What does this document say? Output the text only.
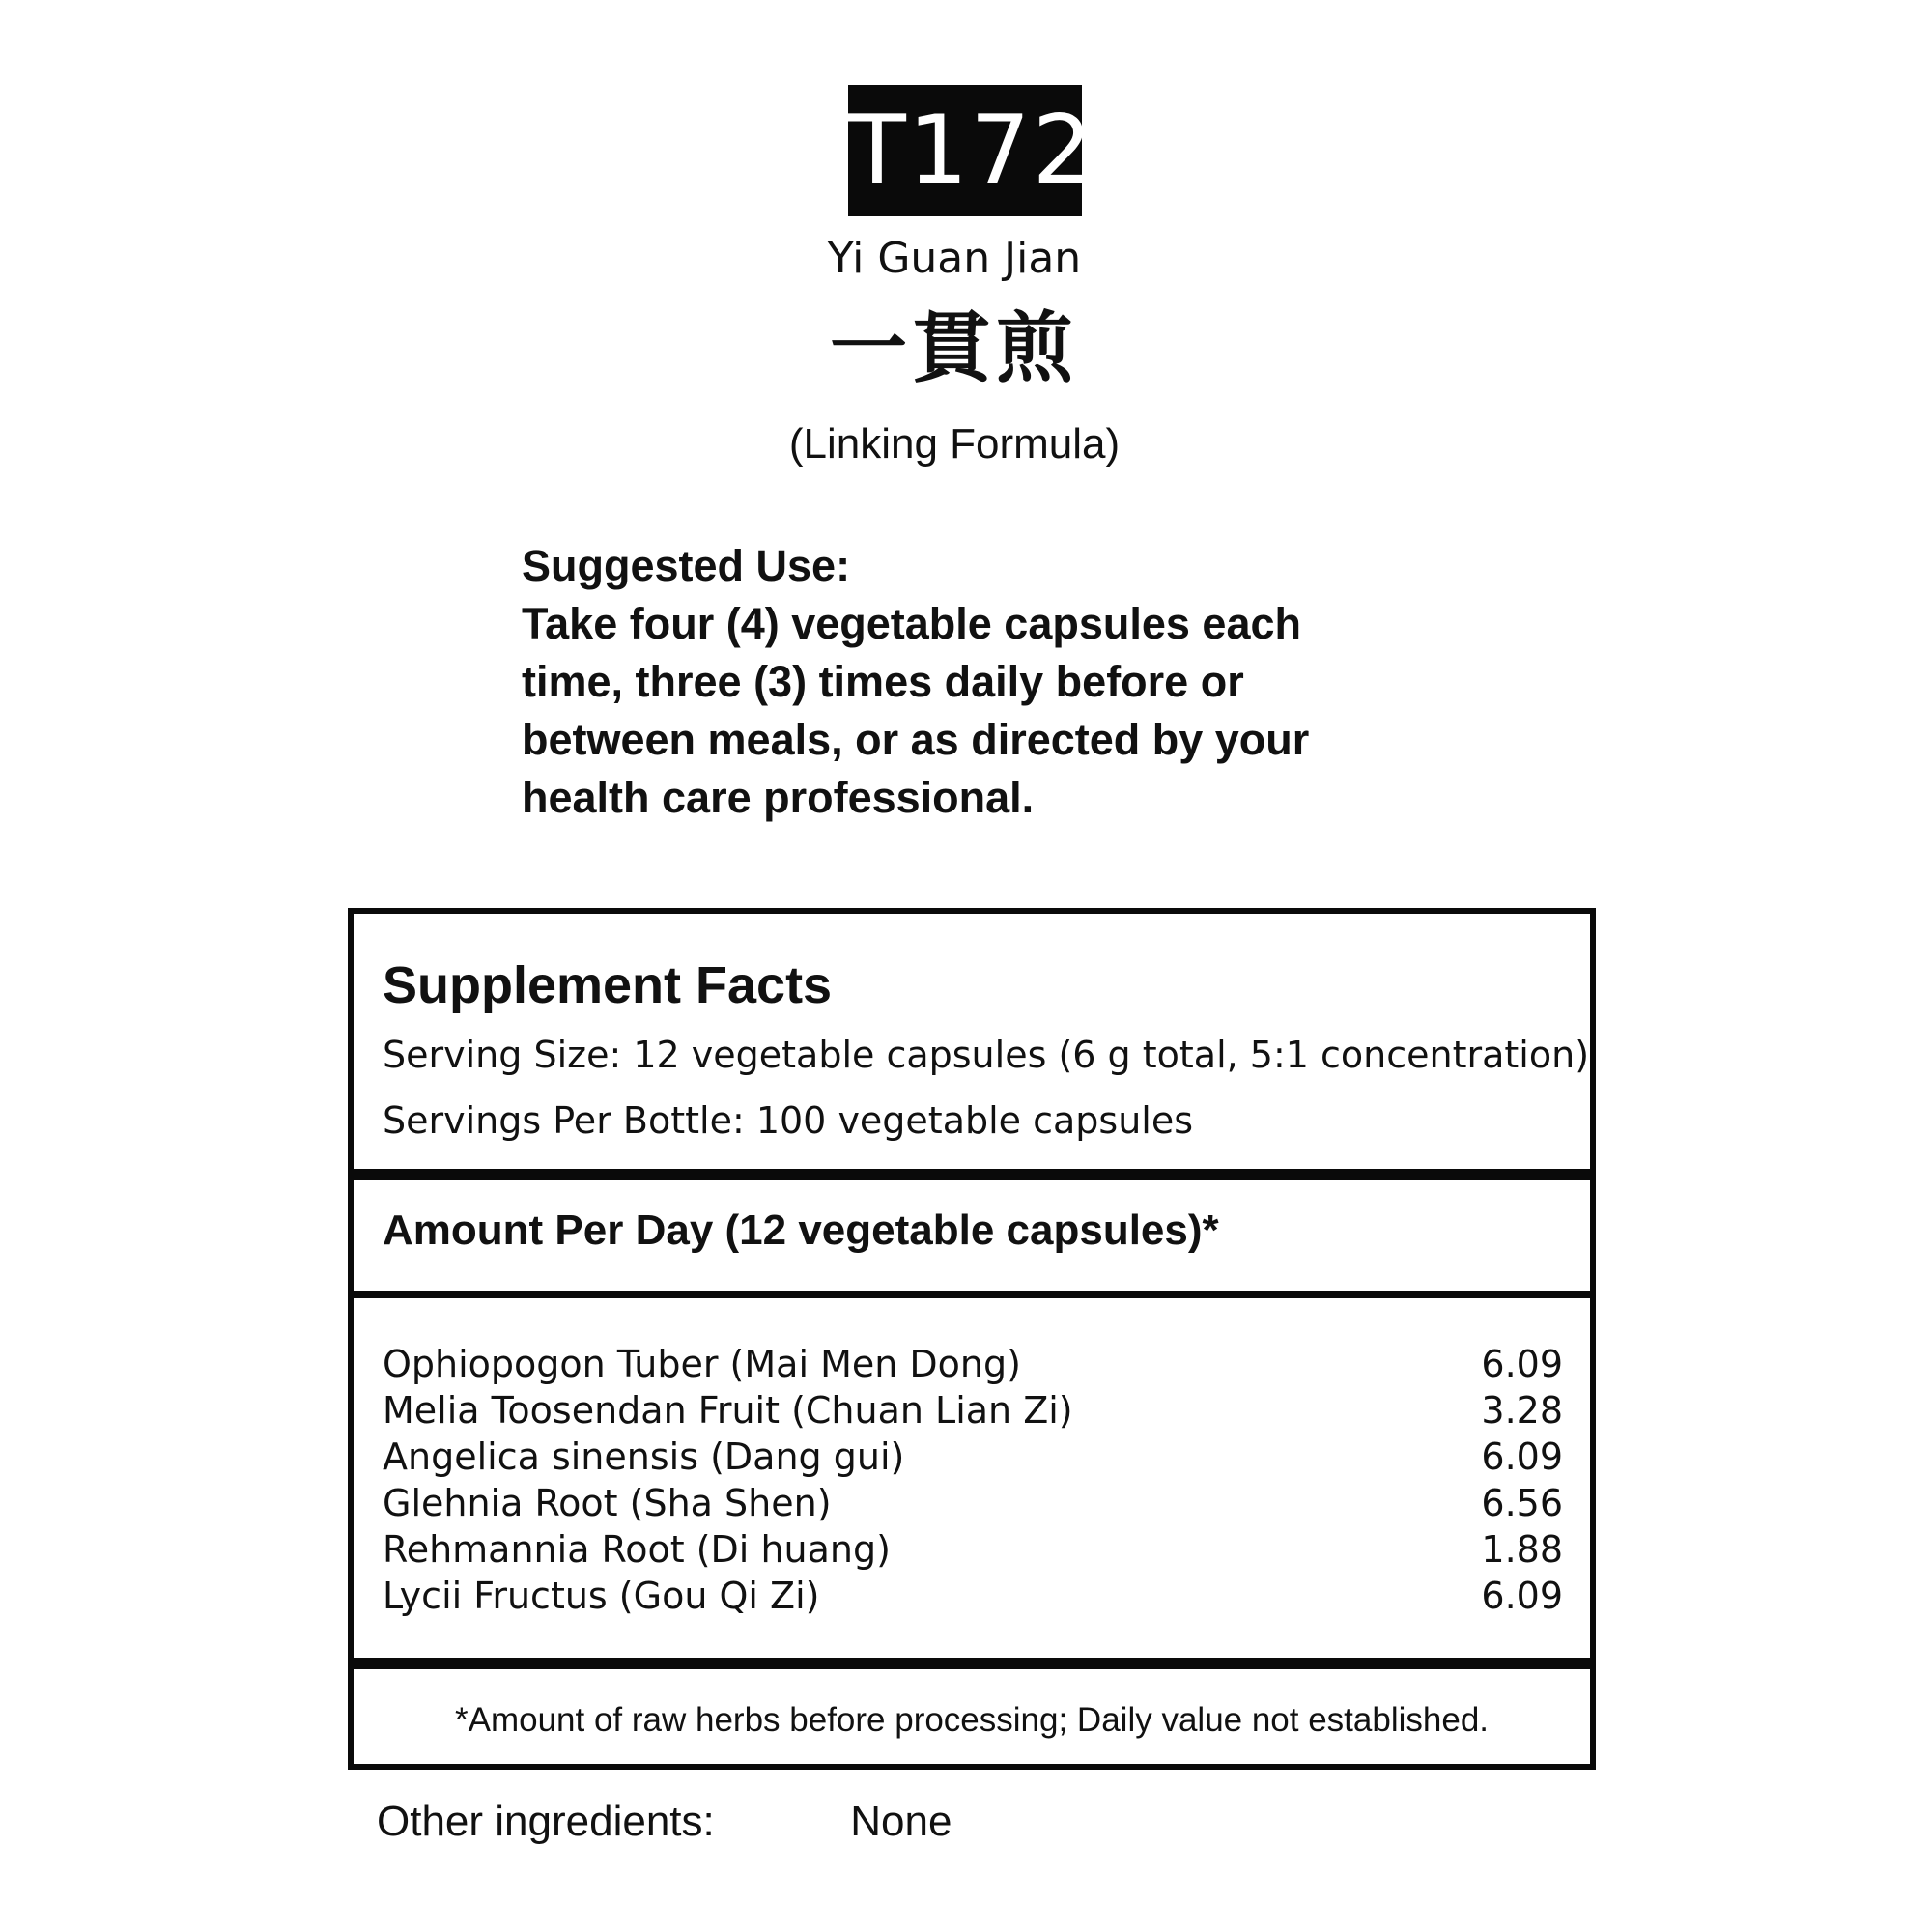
T172
Yi Guan Jian
一貫煎
(Linking Formula)
Suggested Use:
Take four (4) vegetable capsules each time, three (3) times daily before or between meals, or as directed by your health care professional.
Supplement Facts
Serving Size: 12 vegetable capsules (6 g total, 5:1 concentration)
Servings Per Bottle: 100 vegetable capsules
Amount Per Day (12 vegetable capsules)*
Ophiopogon Tuber (Mai Men Dong)	6.09
Melia Toosendan Fruit (Chuan Lian Zi)	3.28
Angelica sinensis (Dang gui)	6.09
Glehnia Root (Sha Shen)	6.56
Rehmannia Root (Di huang)	1.88
Lycii Fructus (Gou Qi Zi)	6.09
*Amount of raw herbs before processing; Daily value not established.
Other ingredients:	None
